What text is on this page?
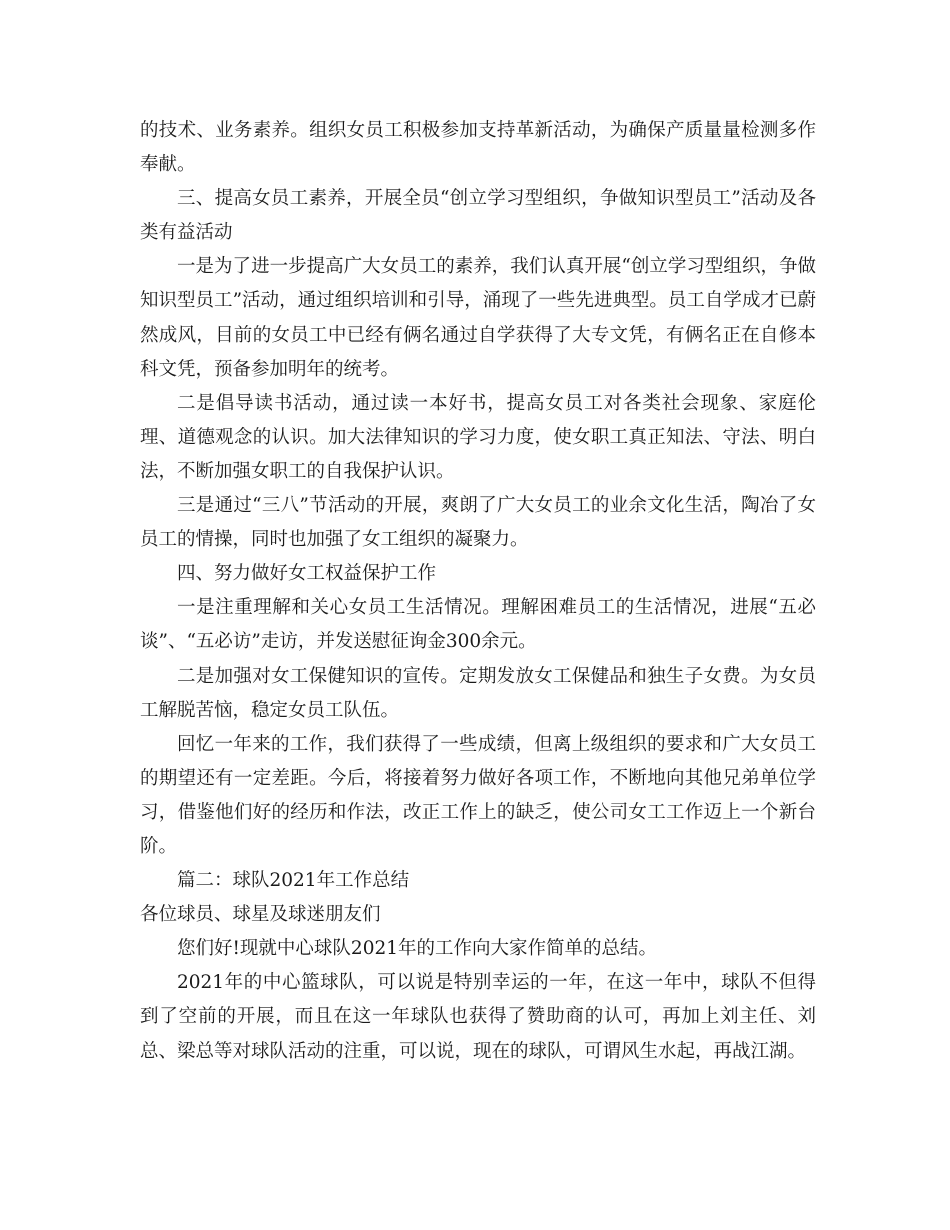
的技术、业务素养。组织女员工积极参加支持革新活动，为确保产质量量检测多作奉献。

三、提高女员工素养，开展全员“创立学习型组织，争做知识型员工”活动及各类有益活动

一是为了进一步提高广大女员工的素养，我们认真开展“创立学习型组织，争做知识型员工”活动，通过组织培训和引导，涌现了一些先进典型。员工自学成才已蔚然成风，目前的女员工中已经有俩名通过自学获得了大专文凭，有俩名正在自修本科文凭，预备参加明年的统考。

二是倡导读书活动，通过读一本好书，提高女员工对各类社会现象、家庭伦理、道德观念的认识。加大法律知识的学习力度，使女职工真正知法、守法、明白法，不断加强女职工的自我保护认识。

三是通过“三八”节活动的开展，爽朗了广大女员工的业余文化生活，陶冶了女员工的情操，同时也加强了女工组织的凝聚力。

四、努力做好女工权益保护工作

一是注重理解和关心女员工生活情况。理解困难员工的生活情况，进展“五必谈”、“五必访”走访，并发送慰征询金300余元。

二是加强对女工保健知识的宣传。定期发放女工保健品和独生子女费。为女员工解脱苦恼，稳定女员工队伍。

回忆一年来的工作，我们获得了一些成绩，但离上级组织的要求和广大女员工的期望还有一定差距。今后，将接着努力做好各项工作，不断地向其他兄弟单位学习，借鉴他们好的经历和作法，改正工作上的缺乏，使公司女工工作迈上一个新台阶。

篇二：球队2021年工作总结

各位球员、球星及球迷朋友们

您们好!现就中心球队2021年的工作向大家作简单的总结。

2021年的中心篮球队，可以说是特别幸运的一年，在这一年中，球队不但得到了空前的开展，而且在这一年球队也获得了赞助商的认可，再加上刘主任、刘总、梁总等对球队活动的注重，可以说，现在的球队，可谓风生水起，再战江湖。
